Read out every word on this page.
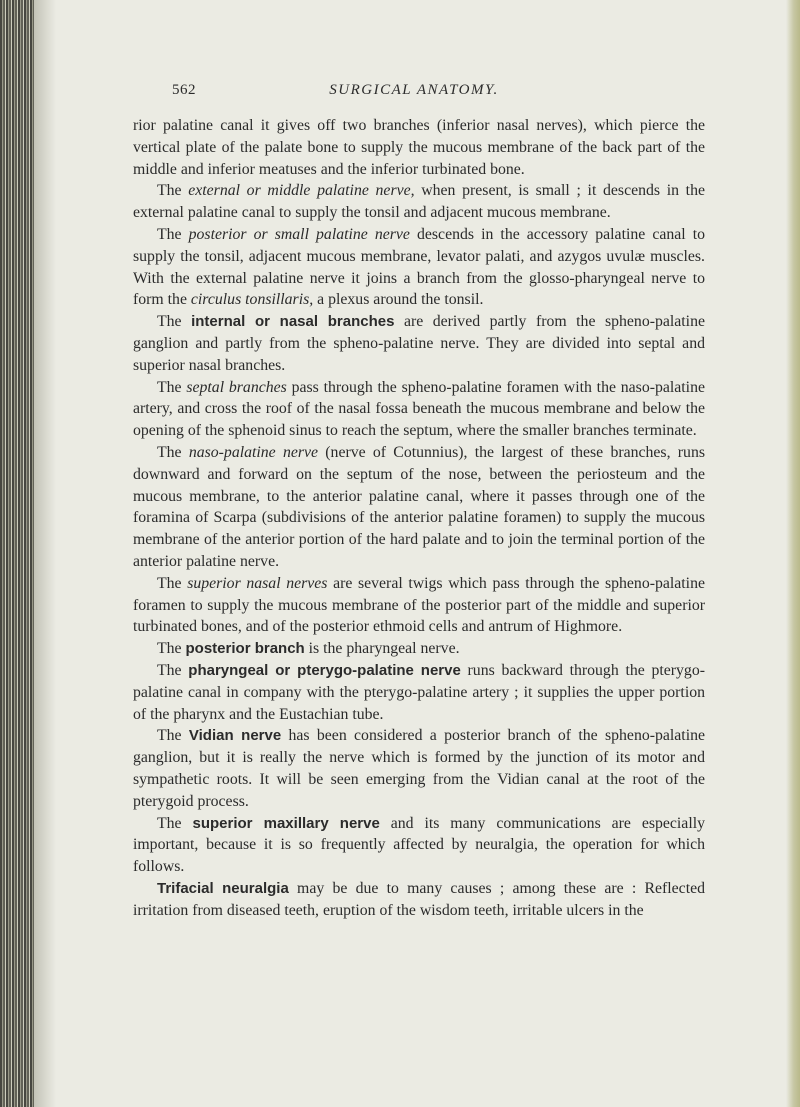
562	SURGICAL ANATOMY.

rior palatine canal it gives off two branches (inferior nasal nerves), which pierce the vertical plate of the palate bone to supply the mucous membrane of the back part of the middle and inferior meatuses and the inferior turbinated bone.

The external or middle palatine nerve, when present, is small ; it descends in the external palatine canal to supply the tonsil and adjacent mucous membrane.

The posterior or small palatine nerve descends in the accessory palatine canal to supply the tonsil, adjacent mucous membrane, levator palati, and azygos uvulæ muscles. With the external palatine nerve it joins a branch from the glosso-pharyngeal nerve to form the circulus tonsillaris, a plexus around the tonsil.

The internal or nasal branches are derived partly from the spheno-palatine ganglion and partly from the spheno-palatine nerve. They are divided into septal and superior nasal branches.

The septal branches pass through the spheno-palatine foramen with the naso-palatine artery, and cross the roof of the nasal fossa beneath the mucous membrane and below the opening of the sphenoid sinus to reach the septum, where the smaller branches terminate.

The naso-palatine nerve (nerve of Cotunnius), the largest of these branches, runs downward and forward on the septum of the nose, between the periosteum and the mucous membrane, to the anterior palatine canal, where it passes through one of the foramina of Scarpa (subdivisions of the anterior palatine foramen) to supply the mucous membrane of the anterior portion of the hard palate and to join the terminal portion of the anterior palatine nerve.

The superior nasal nerves are several twigs which pass through the spheno-palatine foramen to supply the mucous membrane of the posterior part of the middle and superior turbinated bones, and of the posterior ethmoid cells and antrum of Highmore.

The posterior branch is the pharyngeal nerve.

The pharyngeal or pterygo-palatine nerve runs backward through the pterygo-palatine canal in company with the pterygo-palatine artery ; it supplies the upper portion of the pharynx and the Eustachian tube.

The Vidian nerve has been considered a posterior branch of the spheno-palatine ganglion, but it is really the nerve which is formed by the junction of its motor and sympathetic roots. It will be seen emerging from the Vidian canal at the root of the pterygoid process.

The superior maxillary nerve and its many communications are especially important, because it is so frequently affected by neuralgia, the operation for which follows.

Trifacial neuralgia may be due to many causes ; among these are : Reflected irritation from diseased teeth, eruption of the wisdom teeth, irritable ulcers in the
